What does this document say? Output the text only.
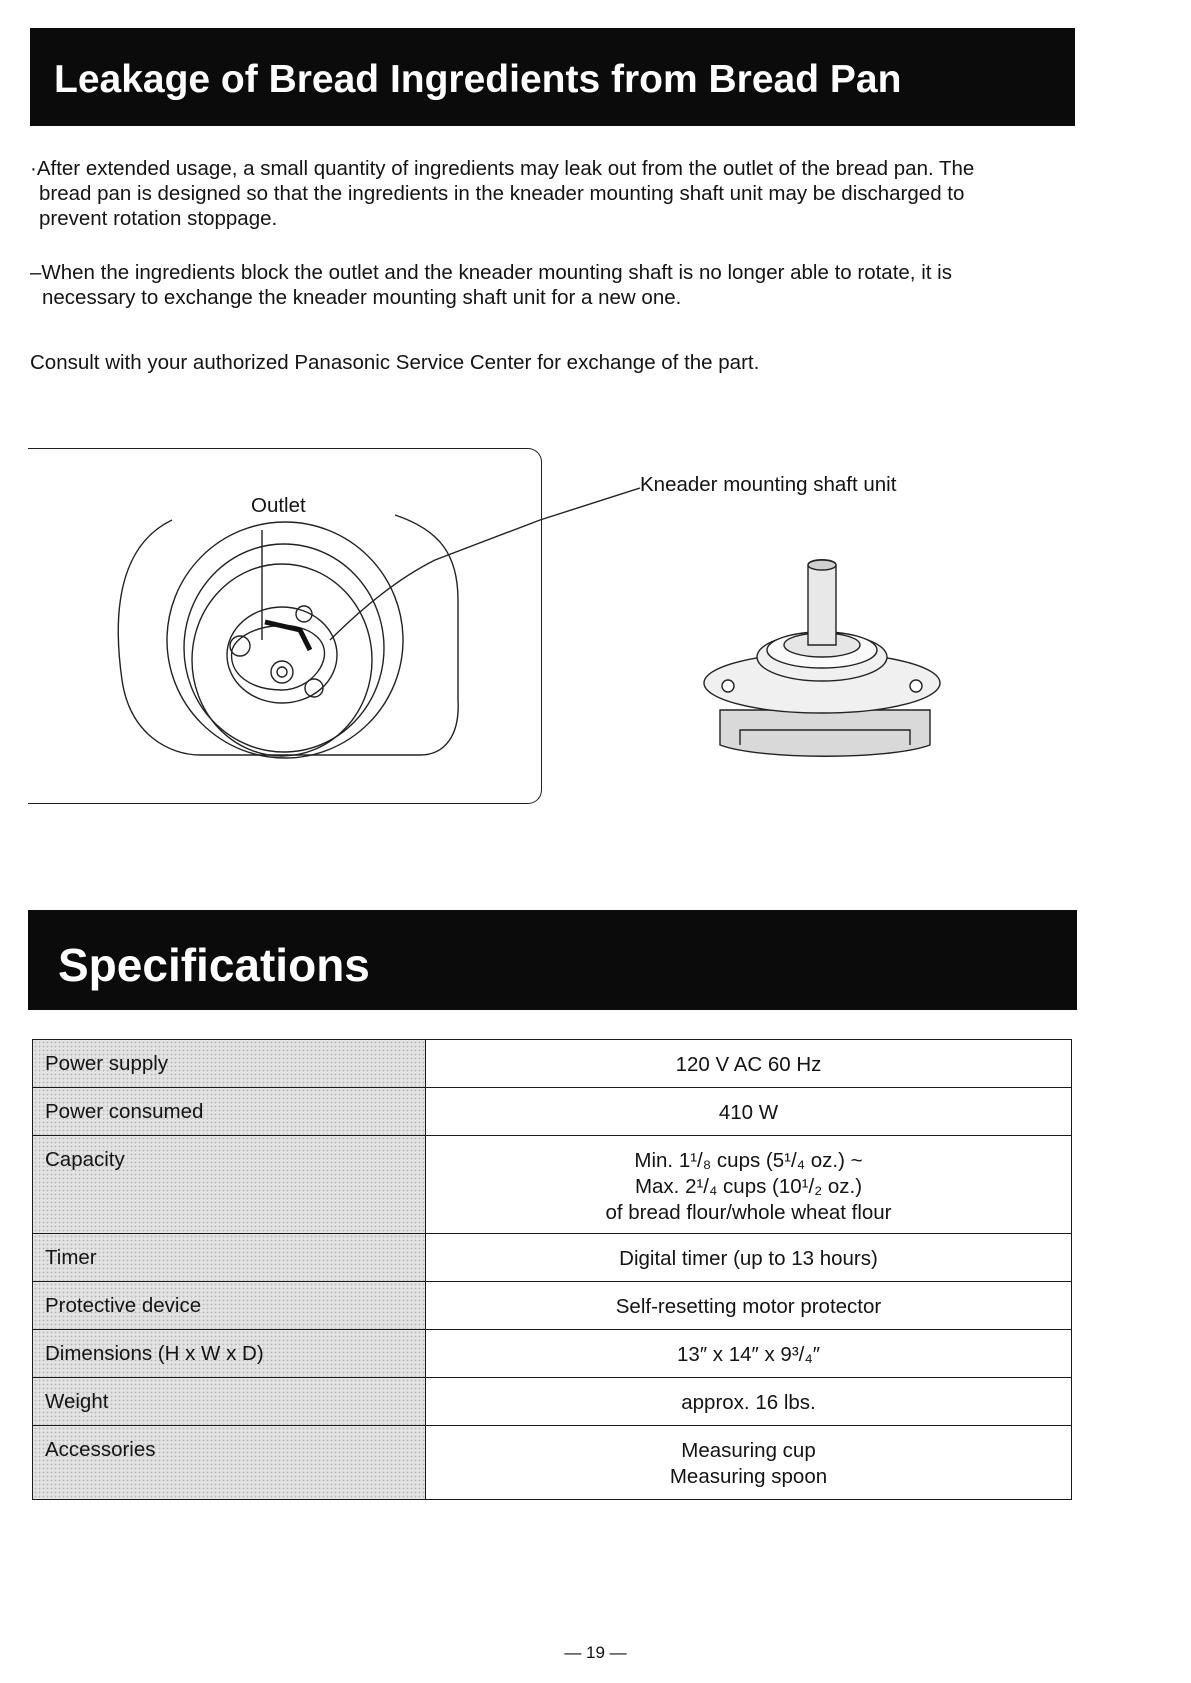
Leakage of Bread Ingredients from Bread Pan
·After extended usage, a small quantity of ingredients may leak out from the outlet of the bread pan. The
bread pan is designed so that the ingredients in the kneader mounting shaft unit may be discharged to
prevent rotation stoppage.
–When the ingredients block the outlet and the kneader mounting shaft is no longer able to rotate, it is
necessary to exchange the kneader mounting shaft unit for a new one.
Consult with your authorized Panasonic Service Center for exchange of the part.
Outlet
Kneader mounting shaft unit
Specifications
Power supply	120 V AC 60 Hz

Power consumed	410 W

Capacity	Min. 1¹/₈ cups (5¹/₄ oz.) ~
Max. 2¹/₄ cups (10¹/₂ oz.)
of bread flour/whole wheat flour

Timer	Digital timer (up to 13 hours)

Protective device	Self-resetting motor protector

Dimensions (H x W x D)	13″ x 14″ x 9³/₄″

Weight	approx. 16 lbs.

Accessories	Measuring cup
Measuring spoon
— 19 —
